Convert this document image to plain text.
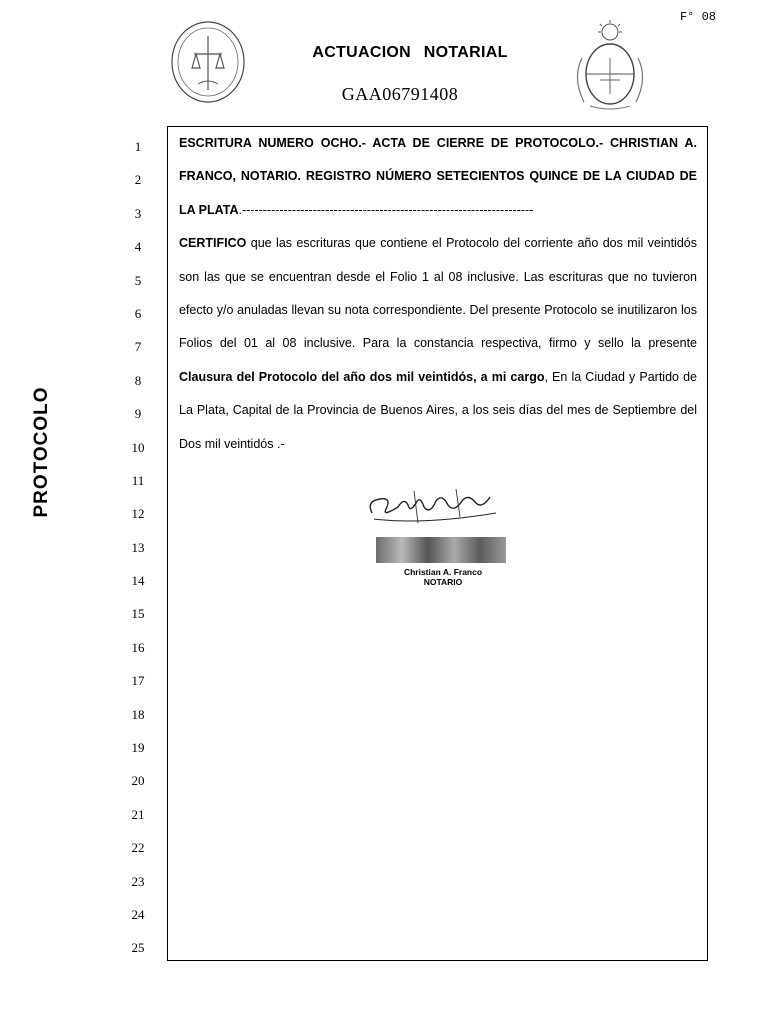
F° 08
ACTUACION NOTARIAL
GAA06791408
PROTOCOLO
1
2
3
4
5
6
7
8
9
10
11
12
13
14
15
16
17
18
19
20
21
22
23
24
25

ESCRITURA NUMERO OCHO.- ACTA DE CIERRE DE PROTOCOLO.- CHRISTIAN A. FRANCO, NOTARIO. REGISTRO NÚMERO SETECIENTOS QUINCE DE LA CIUDAD DE LA PLATA.----------------------------------------------------------------------

CERTIFICO que las escrituras que contiene el Protocolo del corriente año dos mil veintidós son las que se encuentran desde el Folio 1 al 08 inclusive. Las escrituras que no tuvieron efecto y/o anuladas llevan su nota correspondiente. Del presente Protocolo se inutilizaron los Folios del 01 al 08 inclusive. Para la constancia respectiva, firmo y sello la presente Clausura del Protocolo del año dos mil veintidós, a mi cargo, En la Ciudad y Partido de La Plata, Capital de la Provincia de Buenos Aires, a los seis días del mes de Septiembre del Dos mil veintidós .-

Christian A. Franco
NOTARIO
